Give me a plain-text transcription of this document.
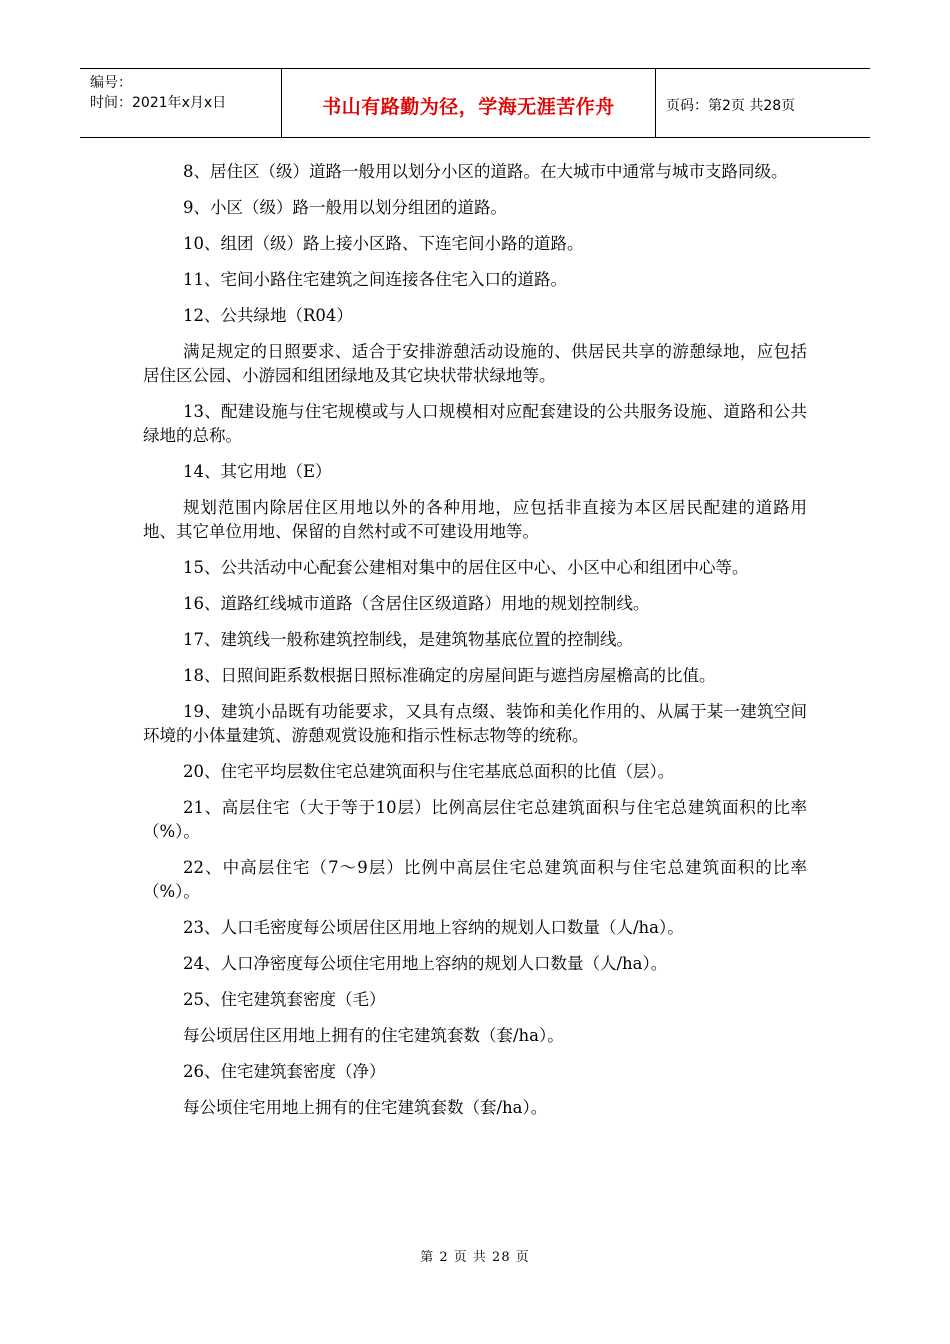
编号：
时间：2021年x月x日	书山有路勤为径，学海无涯苦作舟	页码：第2页 共28页

8、居住区（级）道路一般用以划分小区的道路。在大城市中通常与城市支路同级。

9、小区（级）路一般用以划分组团的道路。

10、组团（级）路上接小区路、下连宅间小路的道路。

11、宅间小路住宅建筑之间连接各住宅入口的道路。

12、公共绿地（R04）

满足规定的日照要求、适合于安排游憩活动设施的、供居民共享的游憩绿地，应包括居住区公园、小游园和组团绿地及其它块状带状绿地等。

13、配建设施与住宅规模或与人口规模相对应配套建设的公共服务设施、道路和公共绿地的总称。

14、其它用地（E）

规划范围内除居住区用地以外的各种用地，应包括非直接为本区居民配建的道路用地、其它单位用地、保留的自然村或不可建设用地等。

15、公共活动中心配套公建相对集中的居住区中心、小区中心和组团中心等。

16、道路红线城市道路（含居住区级道路）用地的规划控制线。

17、建筑线一般称建筑控制线，是建筑物基底位置的控制线。

18、日照间距系数根据日照标准确定的房屋间距与遮挡房屋檐高的比值。

19、建筑小品既有功能要求，又具有点缀、装饰和美化作用的、从属于某一建筑空间环境的小体量建筑、游憩观赏设施和指示性标志物等的统称。

20、住宅平均层数住宅总建筑面积与住宅基底总面积的比值（层）。

21、高层住宅（大于等于10层）比例高层住宅总建筑面积与住宅总建筑面积的比率（%）。

22、中高层住宅（7～9层）比例中高层住宅总建筑面积与住宅总建筑面积的比率（%）。

23、人口毛密度每公顷居住区用地上容纳的规划人口数量（人/ha）。

24、人口净密度每公顷住宅用地上容纳的规划人口数量（人/ha）。

25、住宅建筑套密度（毛）

每公顷居住区用地上拥有的住宅建筑套数（套/ha）。

26、住宅建筑套密度（净）

每公顷住宅用地上拥有的住宅建筑套数（套/ha）。

第 2 页 共 28 页
